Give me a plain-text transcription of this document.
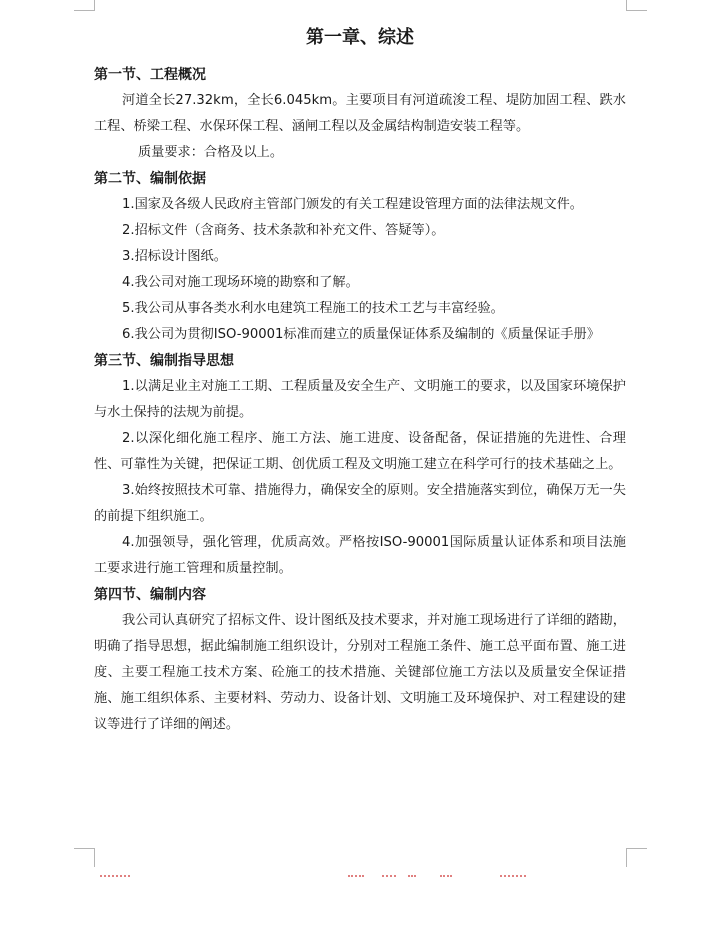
第一章、综述
第一节、工程概况

河道全长27.32km，全长6.045km。主要项目有河道疏浚工程、堤防加固工程、跌水工程、桥梁工程、水保环保工程、涵闸工程以及金属结构制造安装工程等。

质量要求：合格及以上。

第二节、编制依据

1.国家及各级人民政府主管部门颁发的有关工程建设管理方面的法律法规文件。

2.招标文件（含商务、技术条款和补充文件、答疑等）。

3.招标设计图纸。

4.我公司对施工现场环境的勘察和了解。

5.我公司从事各类水利水电建筑工程施工的技术工艺与丰富经验。

6.我公司为贯彻ISO-90001标准而建立的质量保证体系及编制的《质量保证手册》

第三节、编制指导思想

1.以满足业主对施工工期、工程质量及安全生产、文明施工的要求，以及国家环境保护与水土保持的法规为前提。

2.以深化细化施工程序、施工方法、施工进度、设备配备，保证措施的先进性、合理性、可靠性为关键，把保证工期、创优质工程及文明施工建立在科学可行的技术基础之上。

3.始终按照技术可靠、措施得力，确保安全的原则。安全措施落实到位，确保万无一失的前提下组织施工。

4.加强领导，强化管理，优质高效。严格按ISO-90001国际质量认证体系和项目法施工要求进行施工管理和质量控制。

第四节、编制内容

我公司认真研究了招标文件、设计图纸及技术要求，并对施工现场进行了详细的踏勘，明确了指导思想，据此编制施工组织设计，分别对工程施工条件、施工总平面布置、施工进度、主要工程施工技术方案、砼施工的技术措施、关键部位施工方法以及质量安全保证措施、施工组织体系、主要材料、劳动力、设备计划、文明施工及环境保护、对工程建设的建议等进行了详细的阐述。
